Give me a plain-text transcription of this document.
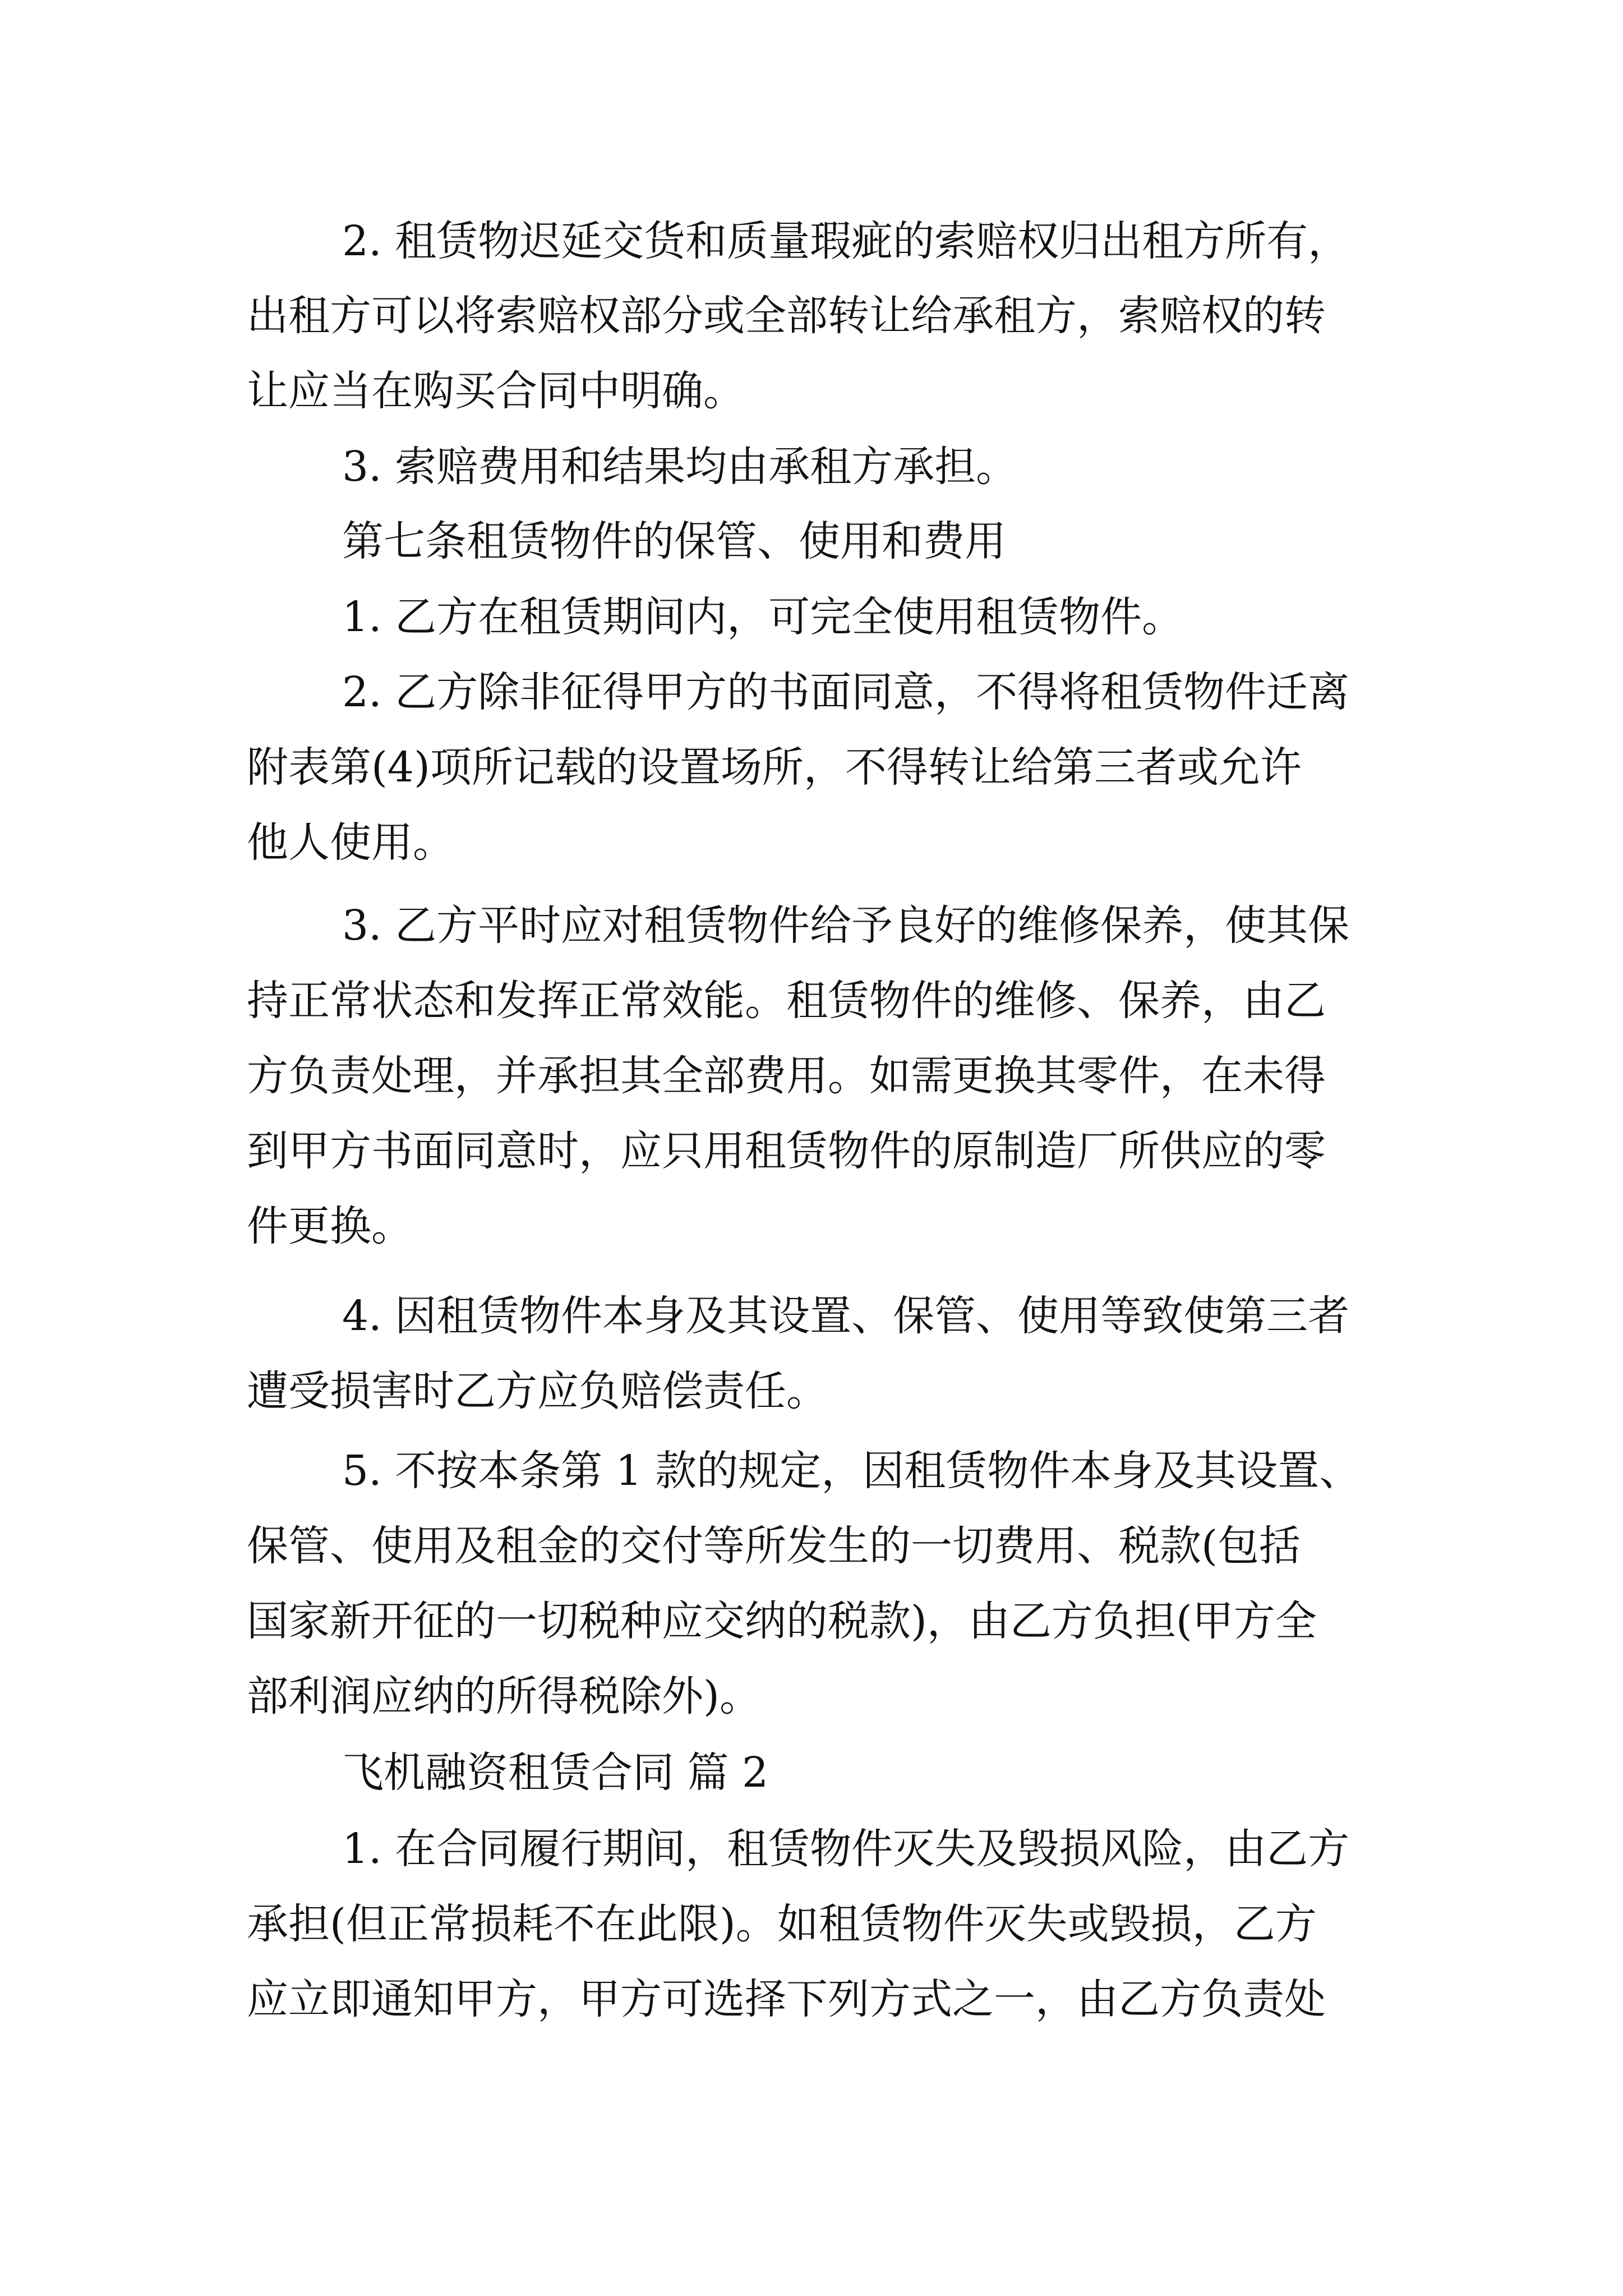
2. 租赁物迟延交货和质量瑕疵的索赔权归出租方所有，
出租方可以将索赔权部分或全部转让给承租方，索赔权的转
让应当在购买合同中明确。
3. 索赔费用和结果均由承租方承担。
第七条租赁物件的保管、使用和费用
1. 乙方在租赁期间内，可完全使用租赁物件。
2. 乙方除非征得甲方的书面同意，不得将租赁物件迁离
附表第(4)项所记载的设置场所，不得转让给第三者或允许
他人使用。
3. 乙方平时应对租赁物件给予良好的维修保养，使其保
持正常状态和发挥正常效能。租赁物件的维修、保养，由乙
方负责处理，并承担其全部费用。如需更换其零件，在未得
到甲方书面同意时，应只用租赁物件的原制造厂所供应的零
件更换。
4. 因租赁物件本身及其设置、保管、使用等致使第三者
遭受损害时乙方应负赔偿责任。
5. 不按本条第 1 款的规定，因租赁物件本身及其设置、
保管、使用及租金的交付等所发生的一切费用、税款(包括
国家新开征的一切税种应交纳的税款)，由乙方负担(甲方全
部利润应纳的所得税除外)。
飞机融资租赁合同 篇 2
1. 在合同履行期间，租赁物件灭失及毁损风险，由乙方
承担(但正常损耗不在此限)。如租赁物件灭失或毁损，乙方
应立即通知甲方，甲方可选择下列方式之一，由乙方负责处
